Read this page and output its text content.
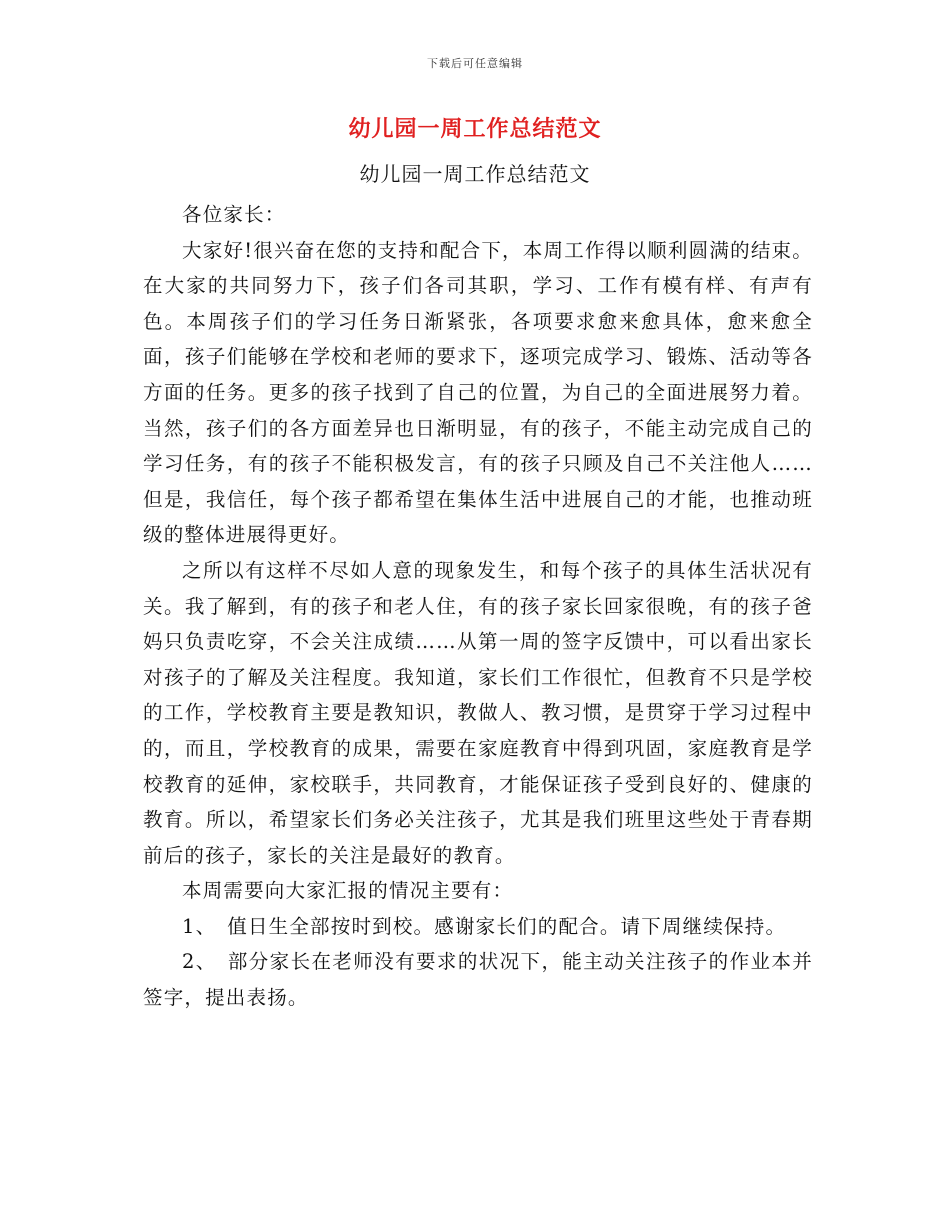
下载后可任意编辑
幼儿园一周工作总结范文
幼儿园一周工作总结范文

各位家长：

大家好!很兴奋在您的支持和配合下，本周工作得以顺利圆满的结束。在大家的共同努力下，孩子们各司其职，学习、工作有模有样、有声有色。本周孩子们的学习任务日渐紧张，各项要求愈来愈具体，愈来愈全面，孩子们能够在学校和老师的要求下，逐项完成学习、锻炼、活动等各方面的任务。更多的孩子找到了自己的位置，为自己的全面进展努力着。当然，孩子们的各方面差异也日渐明显，有的孩子，不能主动完成自己的学习任务，有的孩子不能积极发言，有的孩子只顾及自己不关注他人……但是，我信任，每个孩子都希望在集体生活中进展自己的才能，也推动班级的整体进展得更好。

之所以有这样不尽如人意的现象发生，和每个孩子的具体生活状况有关。我了解到，有的孩子和老人住，有的孩子家长回家很晚，有的孩子爸妈只负责吃穿，不会关注成绩……从第一周的签字反馈中，可以看出家长对孩子的了解及关注程度。我知道，家长们工作很忙，但教育不只是学校的工作，学校教育主要是教知识，教做人、教习惯，是贯穿于学习过程中的，而且，学校教育的成果，需要在家庭教育中得到巩固，家庭教育是学校教育的延伸，家校联手，共同教育，才能保证孩子受到良好的、健康的教育。所以，希望家长们务必关注孩子，尤其是我们班里这些处于青春期前后的孩子，家长的关注是最好的教育。

本周需要向大家汇报的情况主要有：

1、　值日生全部按时到校。感谢家长们的配合。请下周继续保持。

2、　部分家长在老师没有要求的状况下，能主动关注孩子的作业本并签字，提出表扬。
